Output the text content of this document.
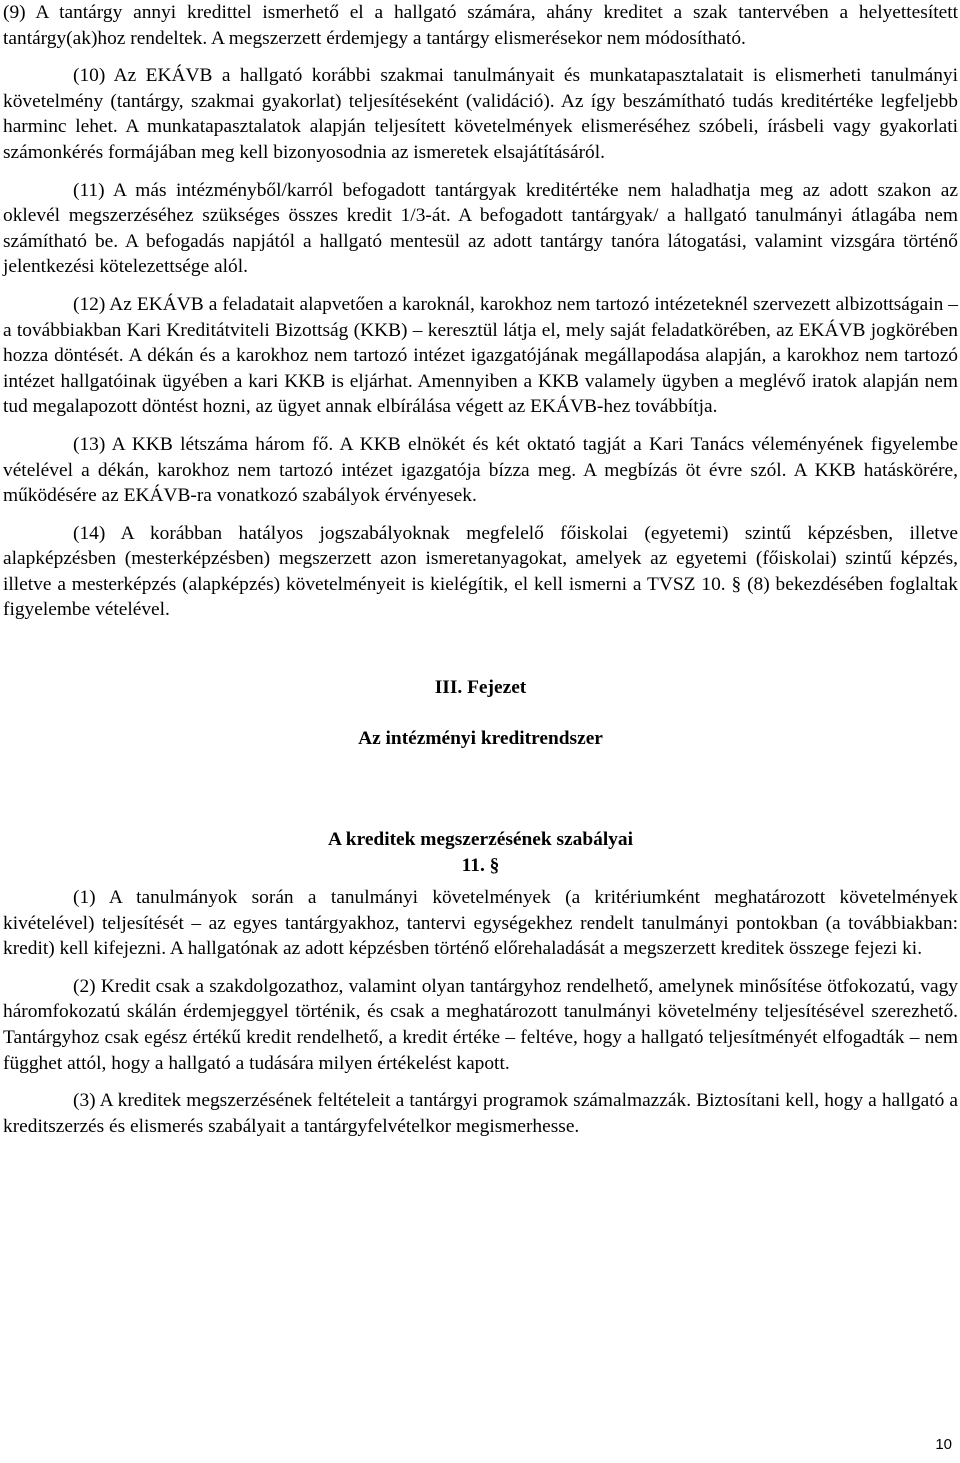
(9) A tantárgy annyi kredittel ismerhető el a hallgató számára, ahány kreditet a szak tantervében a helyettesített tantárgy(ak)hoz rendeltek. A megszerzett érdemjegy a tantárgy elismerésekor nem módosítható.

(10) Az EKÁVB a hallgató korábbi szakmai tanulmányait és munkatapasztalatait is elismerheti tanulmányi követelmény (tantárgy, szakmai gyakorlat) teljesítéseként (validáció). Az így beszámítható tudás kreditértéke legfeljebb harminc lehet. A munkatapasztalatok alapján teljesített követelmények elismeréséhez szóbeli, írásbeli vagy gyakorlati számonkérés formájában meg kell bizonyosodnia az ismeretek elsajátításáról.

(11) A más intézményből/karról befogadott tantárgyak kreditértéke nem haladhatja meg az adott szakon az oklevél megszerzéséhez szükséges összes kredit 1/3-át. A befogadott tantárgyak/ a hallgató tanulmányi átlagába nem számítható be. A befogadás napjától a hallgató mentesül az adott tantárgy tanóra látogatási, valamint vizsgára történő jelentkezési kötelezettsége alól.

(12) Az EKÁVB a feladatait alapvetően a karoknál, karokhoz nem tartozó intézeteknél szervezett albizottságain – a továbbiakban Kari Kreditátviteli Bizottság (KKB) – keresztül látja el, mely saját feladatkörében, az EKÁVB jogkörében hozza döntését. A dékán és a karokhoz nem tartozó intézet igazgatójának megállapodása alapján, a karokhoz nem tartozó intézet hallgatóinak ügyében a kari KKB is eljárhat. Amennyiben a KKB valamely ügyben a meglévő iratok alapján nem tud megalapozott döntést hozni, az ügyet annak elbírálása végett az EKÁVB-hez továbbítja.

(13) A KKB létszáma három fő. A KKB elnökét és két oktató tagját a Kari Tanács véleményének figyelembe vételével a dékán, karokhoz nem tartozó intézet igazgatója bízza meg. A megbízás öt évre szól. A KKB hatáskörére, működésére az EKÁVB-ra vonatkozó szabályok érvényesek.

(14) A korábban hatályos jogszabályoknak megfelelő főiskolai (egyetemi) szintű képzésben, illetve alapképzésben (mesterképzésben) megszerzett azon ismeretanyagokat, amelyek az egyetemi (főiskolai) szintű képzés, illetve a mesterképzés (alapképzés) követelményeit is kielégítik, el kell ismerni a TVSZ 10. § (8) bekezdésében foglaltak figyelembe vételével.

III. Fejezet
Az intézményi kreditrendszer
A kreditek megszerzésének szabályai
11. §

(1) A tanulmányok során a tanulmányi követelmények (a kritériumként meghatározott követelmények kivételével) teljesítését – az egyes tantárgyakhoz, tantervi egységekhez rendelt tanulmányi pontokban (a továbbiakban: kredit) kell kifejezni. A hallgatónak az adott képzésben történő előrehaladását a megszerzett kreditek összege fejezi ki.

(2) Kredit csak a szakdolgozathoz, valamint olyan tantárgyhoz rendelhető, amelynek minősítése ötfokozatú, vagy háromfokozatú skálán érdemjeggyel történik, és csak a meghatározott tanulmányi követelmény teljesítésével szerezhető. Tantárgyhoz csak egész értékű kredit rendelhető, a kredit értéke – feltéve, hogy a hallgató teljesítményét elfogadták – nem függhet attól, hogy a hallgató a tudására milyen értékelést kapott.

(3) A kreditek megszerzésének feltételeit a tantárgyi programok számalmazzák. Biztosítani kell, hogy a hallgató a kreditszerzés és elismerés szabályait a tantárgyfelvételkor megismerhesse.

10
